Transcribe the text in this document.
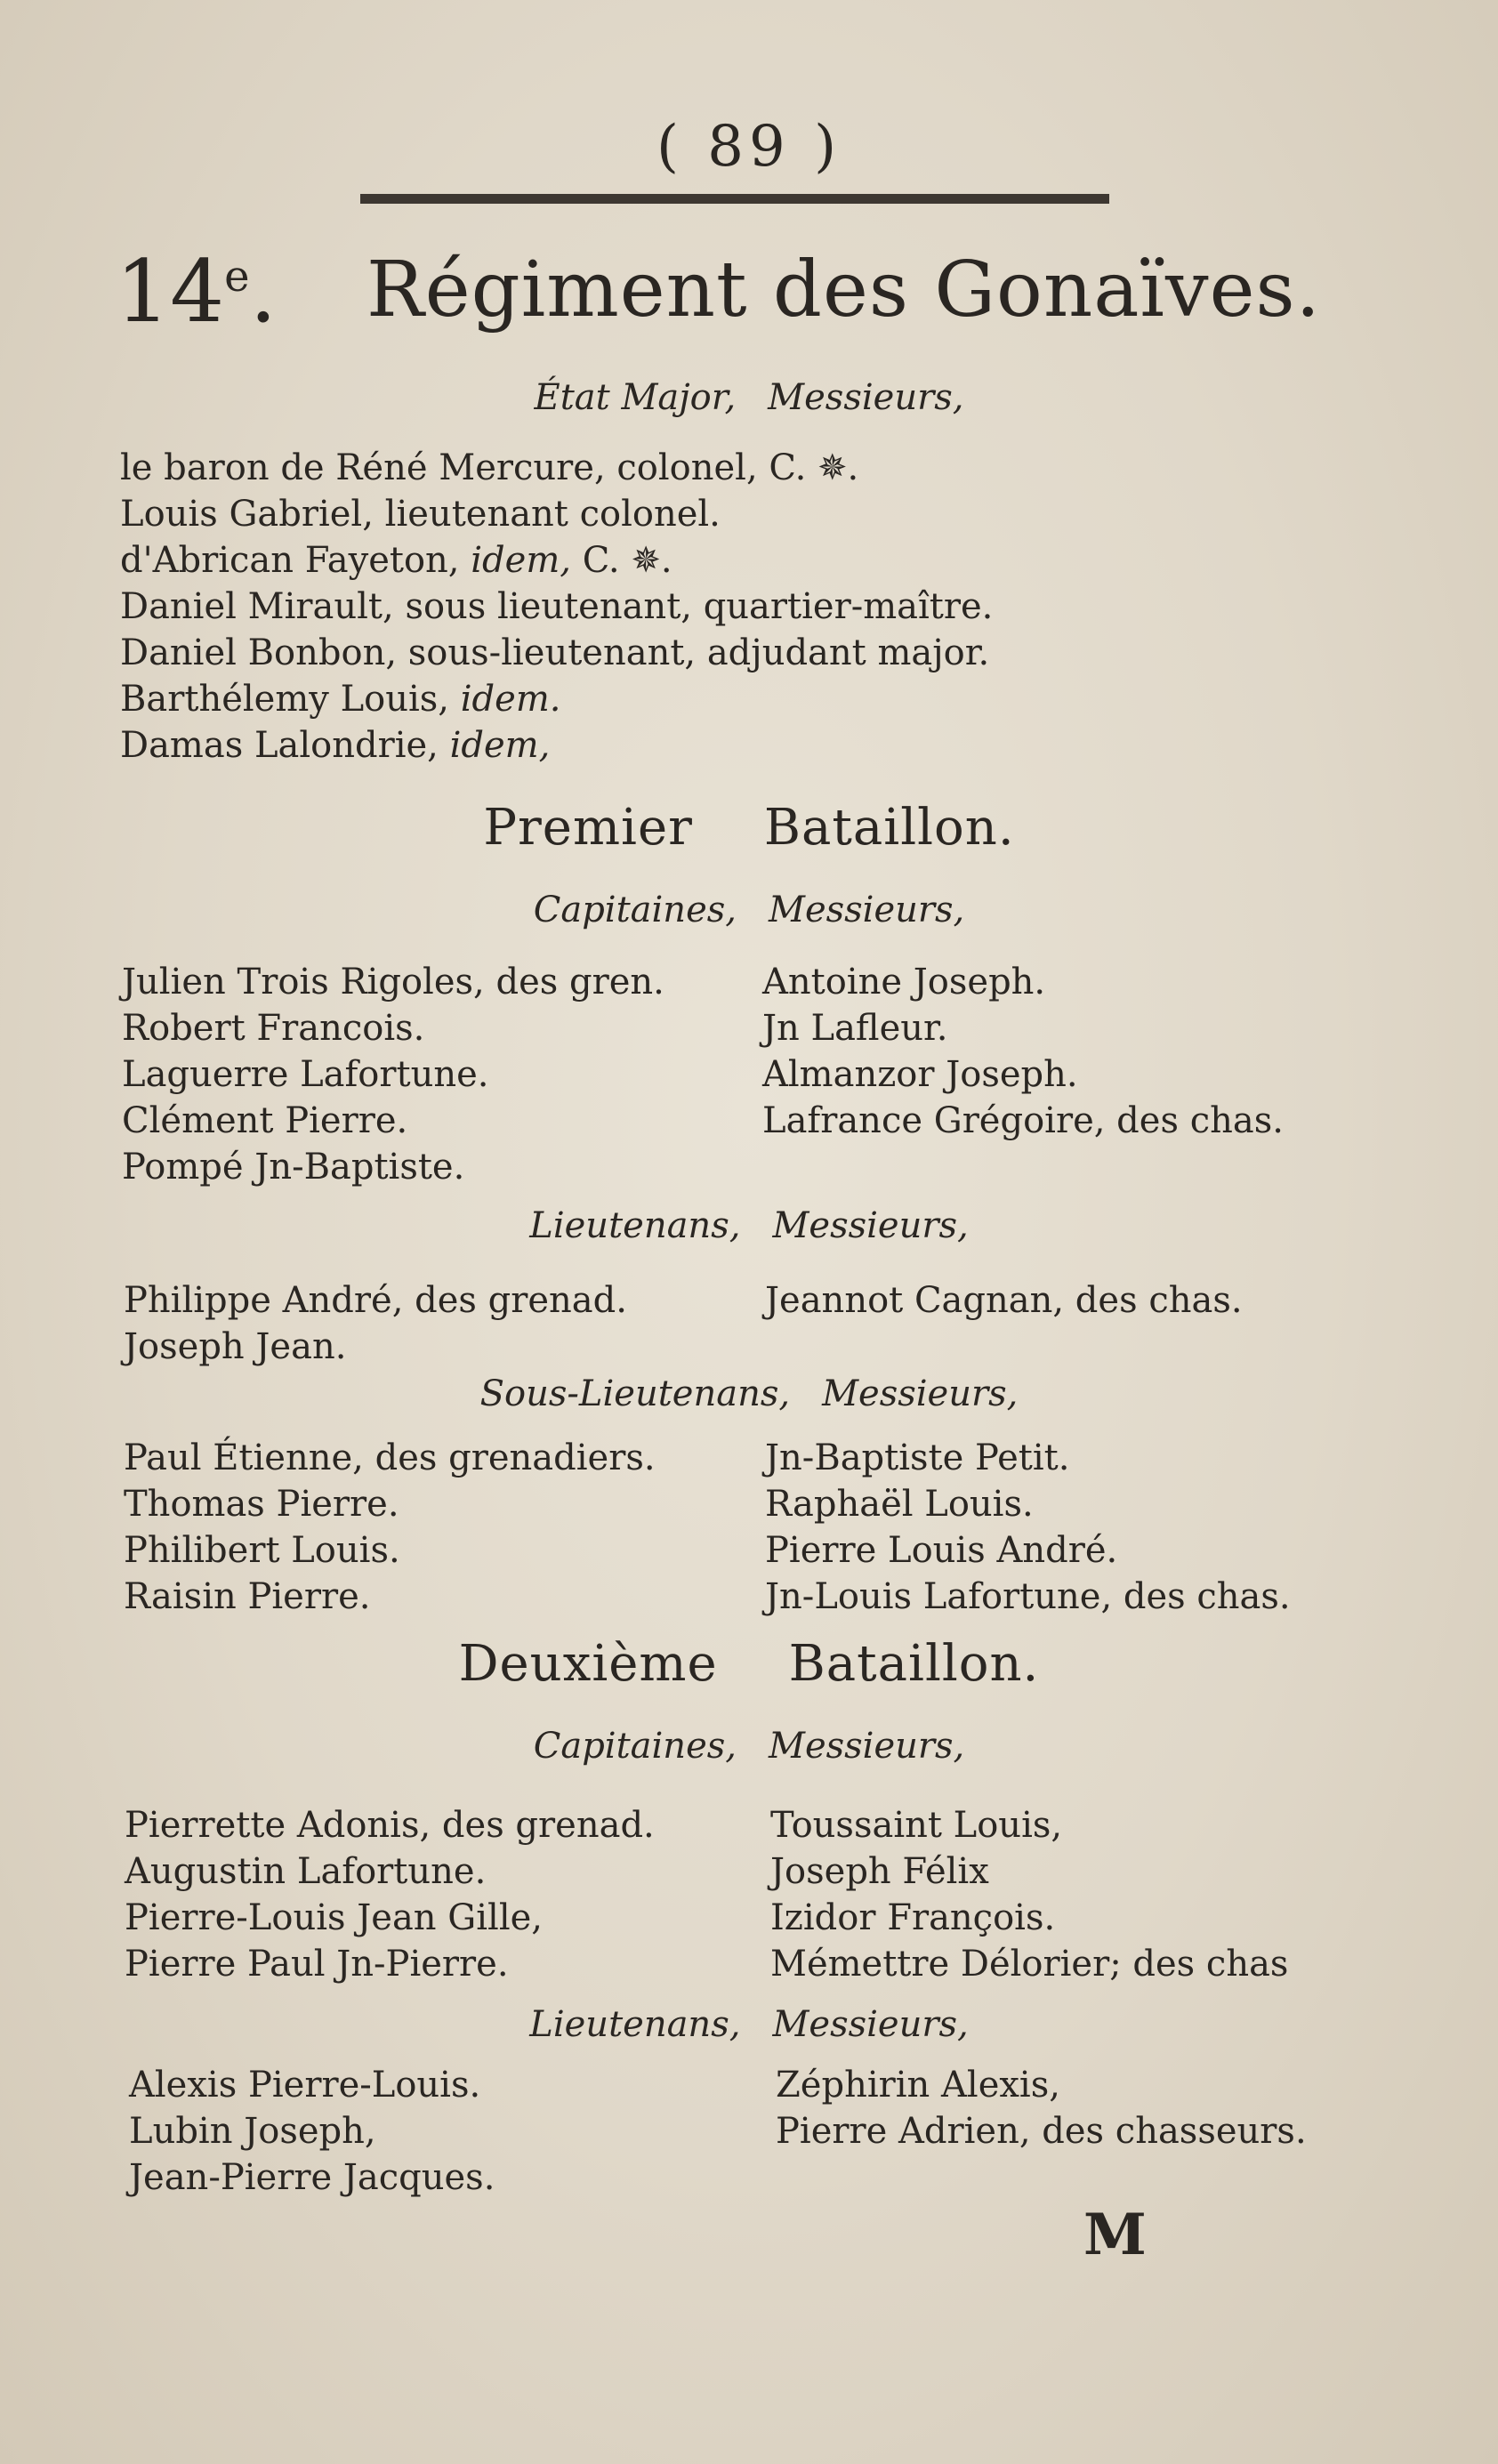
( 89 )
14e. Régiment des Gonaïves.
État Major, Messieurs,
le baron de Réné Mercure, colonel, C. ✵.
Louis Gabriel, lieutenant colonel.
d'Abrican Fayeton, idem, C. ✵.
Daniel Mirault, sous lieutenant, quartier-maître.
Daniel Bonbon, sous-lieutenant, adjudant major.
Barthélemy Louis, idem.
Damas Lalondrie, idem,
Premier Bataillon.
Capitaines, Messieurs,
Julien Trois Rigoles, des gren.
Robert Francois.
Laguerre Lafortune.
Clément Pierre.
Pompé Jn-Baptiste.
Antoine Joseph.
Jn Lafleur.
Almanzor Joseph.
Lafrance Grégoire, des chas.
Lieutenans, Messieurs,
Philippe André, des grenad.
Joseph Jean.
Jeannot Cagnan, des chas.
Sous-Lieutenans, Messieurs,
Paul Étienne, des grenadiers.
Thomas Pierre.
Philibert Louis.
Raisin Pierre.
Jn-Baptiste Petit.
Raphaël Louis.
Pierre Louis André.
Jn-Louis Lafortune, des chas.
Deuxième Bataillon.
Capitaines, Messieurs,
Pierrette Adonis, des grenad.
Augustin Lafortune.
Pierre-Louis Jean Gille,
Pierre Paul Jn-Pierre.
Toussaint Louis,
Joseph Félix
Izidor François.
Mémettre Délorier; des chas
Lieutenans, Messieurs,
Alexis Pierre-Louis.
Lubin Joseph,
Jean-Pierre Jacques.
Zéphirin Alexis,
Pierre Adrien, des chasseurs.
M
